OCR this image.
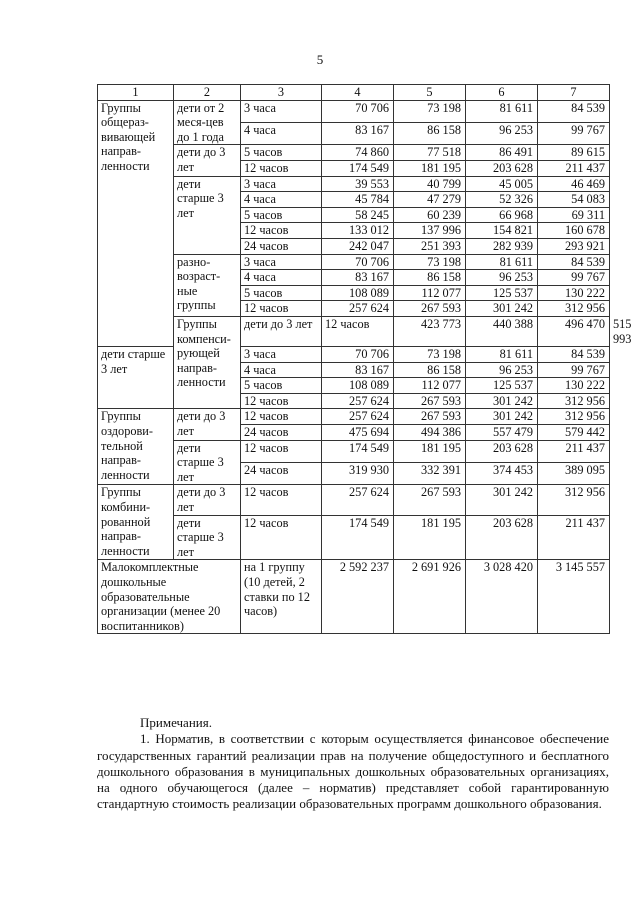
5
1	2	3	4	5	6	7	
Группы общераз-вивающей направ-ленности	дети от 2 меся-цев до 1 года	3 часа	70 706	73 198	81 611	84 539	
		4 часа	83 167	86 158	96 253	99 767	
	дети до 3 лет	5 часов	74 860	77 518	86 491	89 615	
		12 часов	174 549	181 195	203 628	211 437	
	дети старше 3 лет	3 часа	39 553	40 799	45 005	46 469	
		4 часа	45 784	47 279	52 326	54 083	
		5 часов	58 245	60 239	66 968	69 311	
		12 часов	133 012	137 996	154 821	160 678	
		24 часов	242 047	251 393	282 939	293 921	
	разно-возраст-ные группы	3 часа	70 706	73 198	81 611	84 539	
		4 часа	83 167	86 158	96 253	99 767	
		5 часов	108 089	112 077	125 537	130 222	
		12 часов	257 624	267 593	301 242	312 956	
	Группы компенси-рующей направ-ленности	дети до 3 лет	12 часов	423 773	440 388	496 470	515 993
дети старше 3 лет		3 часа	70 706	73 198	81 611	84 539	
		4 часа	83 167	86 158	96 253	99 767	
		5 часов	108 089	112 077	125 537	130 222	
		12 часов	257 624	267 593	301 242	312 956	
Группы оздорови-тельной направ-ленности	дети до 3 лет	12 часов	257 624	267 593	301 242	312 956	
		24 часов	475 694	494 386	557 479	579 442	
	дети старше 3 лет	12 часов	174 549	181 195	203 628	211 437	
		24 часов	319 930	332 391	374 453	389 095	
Группы комбини-рованной направ-ленности	дети до 3 лет	12 часов	257 624	267 593	301 242	312 956	
	дети старше 3 лет	12 часов	174 549	181 195	203 628	211 437	
Малокомплектные дошкольные образовательные организации (менее 20 воспитанников)		на 1 группу (10 детей, 2 ставки по 12 часов)	2 592 237	2 691 926	3 028 420	3 145 557	

Примечания.

1. Норматив, в соответствии с которым осуществляется финансовое обеспечение государственных гарантий реализации прав на получение общедоступного и бесплатного дошкольного образования в муниципальных дошкольных образовательных организациях, на одного обучающегося (далее – норматив) представляет собой гарантированную стандартную стоимость реализации образовательных программ дошкольного образования.
